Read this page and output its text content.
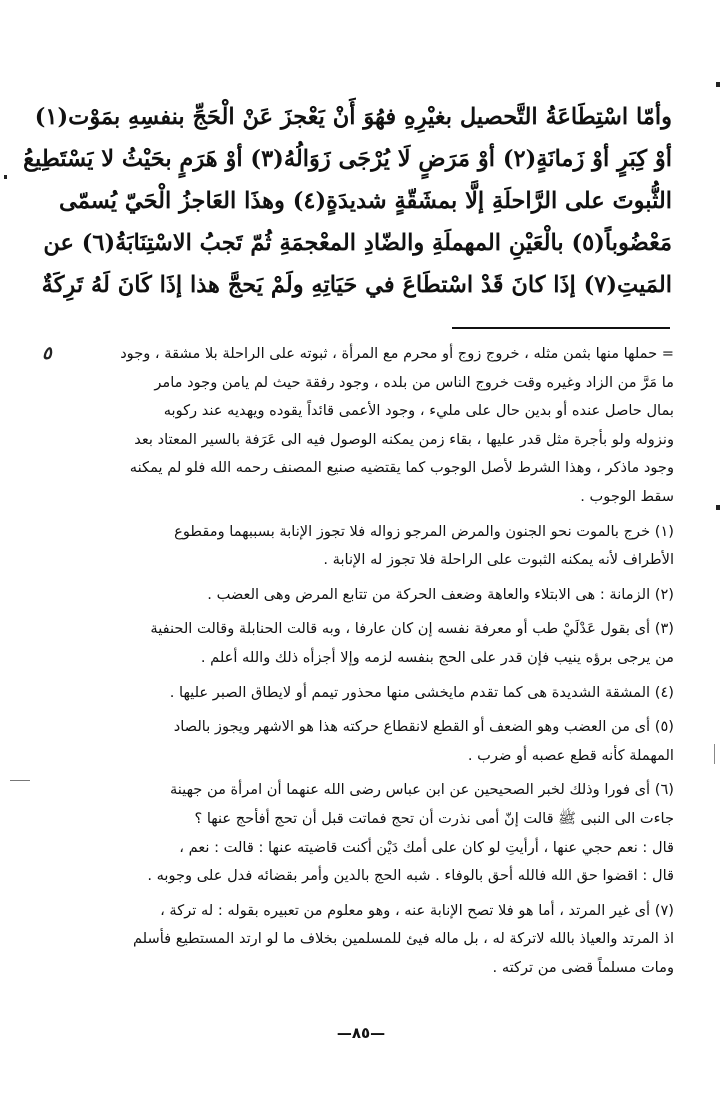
وأمّا اسْتِطَاعَةُ التَّحصيل بغيْرِهِ فهُوَ أَنْ يَعْجزَ عَنْ الْحَجِّ بنفسِهِ بمَوْت(١)
أوْ كِبَرٍ أوْ زَمانَةٍ(٢) أوْ مَرَضٍ لَا يُرْجَى زَوَالُهُ(٣) أوْ هَرَمٍ بحَيْثُ لا يَسْتَطِيعُ
الثُّبوتَ على الرَّاحلَةِ إلَّا بمشَقّةٍ شديدَةٍ(٤) وهذَا العَاجزُ الْحَيّ يُسمّى
مَعْضُوباً(٥) بالْعَيْنِ المهملَةِ والضّادِ المعْجمَةِ ثُمّ تَجبُ الاسْتِنَابَةُ(٦) عن
المَيتِ(٧) إذَا كانَ قَدْ اسْتطَاعَ في حَيَاتِهِ ولَمْ يَحجَّ هذا إذَا كَانَ لَهُ تَرِكَةٌ
٥	= حملها منها بثمن مثله ، خروج زوج أو محرم مع المرأة ، ثبوته على الراحلة بلا مشقة ، وجود
ما مَرَّ من الزاد وغيره وقت خروج الناس من بلده ، وجود رفقة حيث لم يامن وجود مامر
بمال حاصل عنده أو بدين حال على مليء ، وجود الأعمى قائداً يقوده ويهديه عند ركوبه
ونزوله ولو بأجرة مثل قدر عليها ، بقاء زمن يمكنه الوصول فيه الى عَرَفة بالسير المعتاد بعد
وجود ماذكر ، وهذا الشرط لأصل الوجوب كما يقتضيه صنيع المصنف رحمه الله فلو لم يمكنه
سقط الوجوب .
(١) خرج بالموت نحو الجنون والمرض المرجو زواله فلا تجوز الإنابة بسببهما ومقطوع
الأطراف لأنه يمكنه الثبوت على الراحلة فلا تجوز له الإنابة .
(٢) الزمانة : هى الابتلاء والعاهة وضعف الحركة من تتابع المرض وهى العضب .
(٣) أى بقول عَدْلَيْ طب أو معرفة نفسه إن كان عارفا ، وبه قالت الحنابلة وقالت الحنفية
من يرجى برؤه ينيب فإن قدر على الحج بنفسه لزمه وإلا أجزأه ذلك والله أعلم .
(٤) المشقة الشديدة هى كما تقدم مايخشى منها محذور تيمم أو لايطاق الصبر عليها .
(٥) أى من العضب وهو الضعف أو القطع لانقطاع حركته هذا هو الاشهر ويجوز بالصاد
المهملة كأنه قطع عصبه أو ضرب .
(٦) أى فورا وذلك لخبر الصحيحين عن ابن عباس رضى الله عنهما أن امرأة من جهينة
جاءت الى النبى ﷺ قالت إنّ أمى نذرت أن تحج فماتت قبل أن تحج أفأحج عنها ؟
قال : نعم حجي عنها ، أرأيتِ لو كان على أمك دَيْن أكنت قاضيته عنها : قالت : نعم ،
قال : اقضوا حق الله فالله أحق بالوفاء . شبه الحج بالدين وأمر بقضائه فدل على وجوبه .
(٧) أى غير المرتد ، أما هو فلا تصح الإنابة عنه ، وهو معلوم من تعبيره بقوله : له تركة ،
اذ المرتد والعياذ بالله لاتركة له ، بل ماله فيئ للمسلمين بخلاف ما لو ارتد المستطيع فأسلم
ومات مسلماً قضى من تركته .
—٨٥—
